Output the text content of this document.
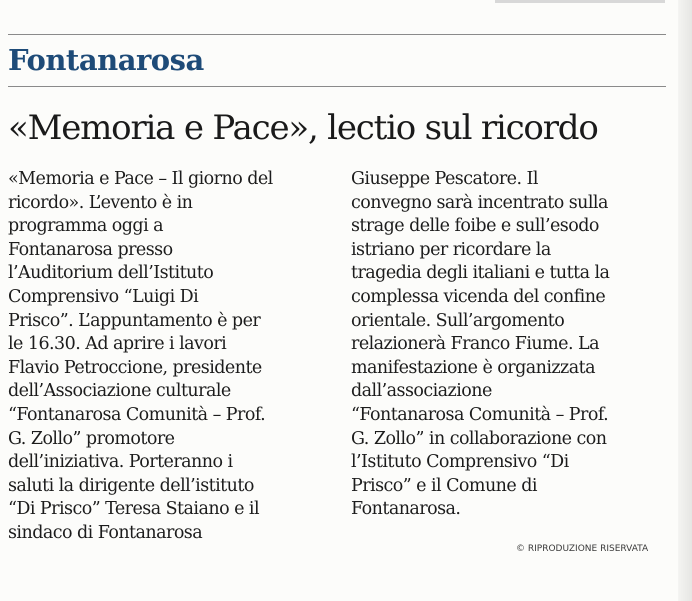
Fontanarosa
«Memoria e Pace», lectio sul ricordo
«Memoria e Pace – Il giorno del
ricordo». L’evento è in
programma oggi a
Fontanarosa presso
l’Auditorium dell’Istituto
Comprensivo “Luigi Di
Prisco”. L’appuntamento è per
le 16.30. Ad aprire i lavori
Flavio Petroccione, presidente
dell’Associazione culturale
“Fontanarosa Comunità – Prof.
G. Zollo” promotore
dell’iniziativa. Porteranno i
saluti la dirigente dell’istituto
“Di Prisco” Teresa Staiano e il
sindaco di Fontanarosa
Giuseppe Pescatore. Il
convegno sarà incentrato sulla
strage delle foibe e sull’esodo
istriano per ricordare la
tragedia degli italiani e tutta la
complessa vicenda del confine
orientale. Sull’argomento
relazionerà Franco Fiume. La
manifestazione è organizzata
dall’associazione
“Fontanarosa Comunità – Prof.
G. Zollo” in collaborazione con
l’Istituto Comprensivo “Di
Prisco” e il Comune di
Fontanarosa.
© RIPRODUZIONE RISERVATA
